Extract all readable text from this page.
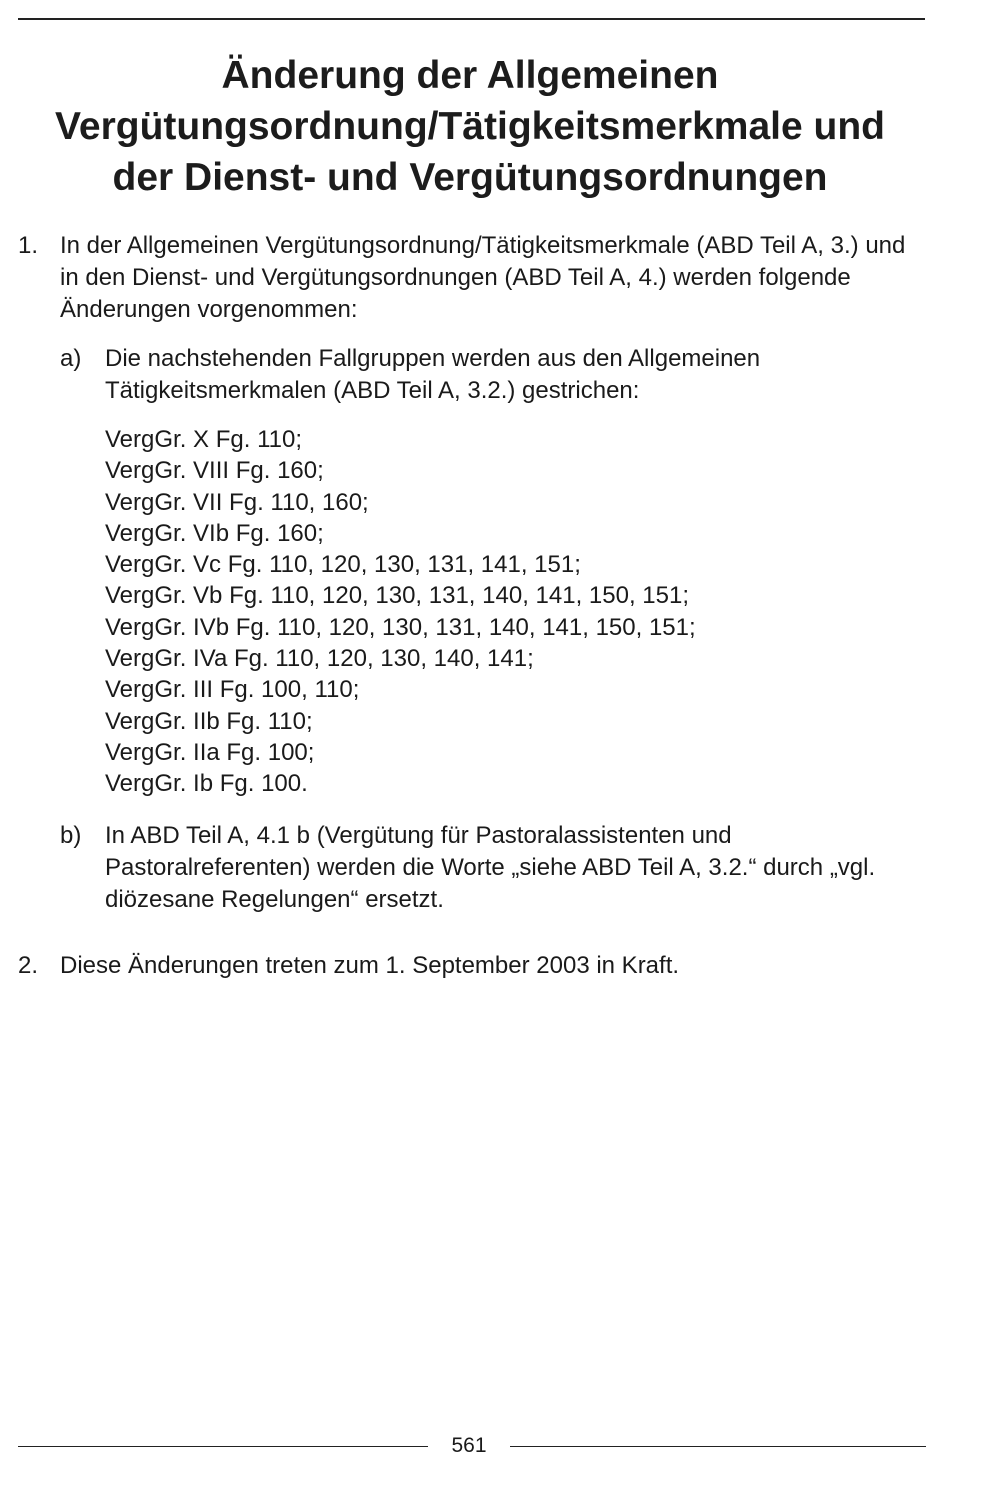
Änderung der Allgemeinen
Vergütungsordnung/Tätigkeitsmerkmale und
der Dienst- und Vergütungsordnungen
1. In der Allgemeinen Vergütungsordnung/Tätigkeitsmerkmale (ABD Teil A, 3.) und in den Dienst- und Vergütungsordnungen (ABD Teil A, 4.) werden folgende Änderungen vorgenommen:
a) Die nachstehenden Fallgruppen werden aus den Allgemeinen Tätigkeitsmerkmalen (ABD Teil A, 3.2.) gestrichen:
VergGr. X Fg. 110;
VergGr. VIII Fg. 160;
VergGr. VII Fg. 110, 160;
VergGr. VIb Fg. 160;
VergGr. Vc Fg. 110, 120, 130, 131, 141, 151;
VergGr. Vb Fg. 110, 120, 130, 131, 140, 141, 150, 151;
VergGr. IVb Fg. 110, 120, 130, 131, 140, 141, 150, 151;
VergGr. IVa Fg. 110, 120, 130, 140, 141;
VergGr. III Fg. 100, 110;
VergGr. IIb Fg. 110;
VergGr. IIa Fg. 100;
VergGr. Ib Fg. 100.
b) In ABD Teil A, 4.1 b (Vergütung für Pastoralassistenten und Pastoralreferenten) werden die Worte „siehe ABD Teil A, 3.2.“ durch „vgl. diözesane Regelungen“ ersetzt.
2. Diese Änderungen treten zum 1. September 2003 in Kraft.
561
